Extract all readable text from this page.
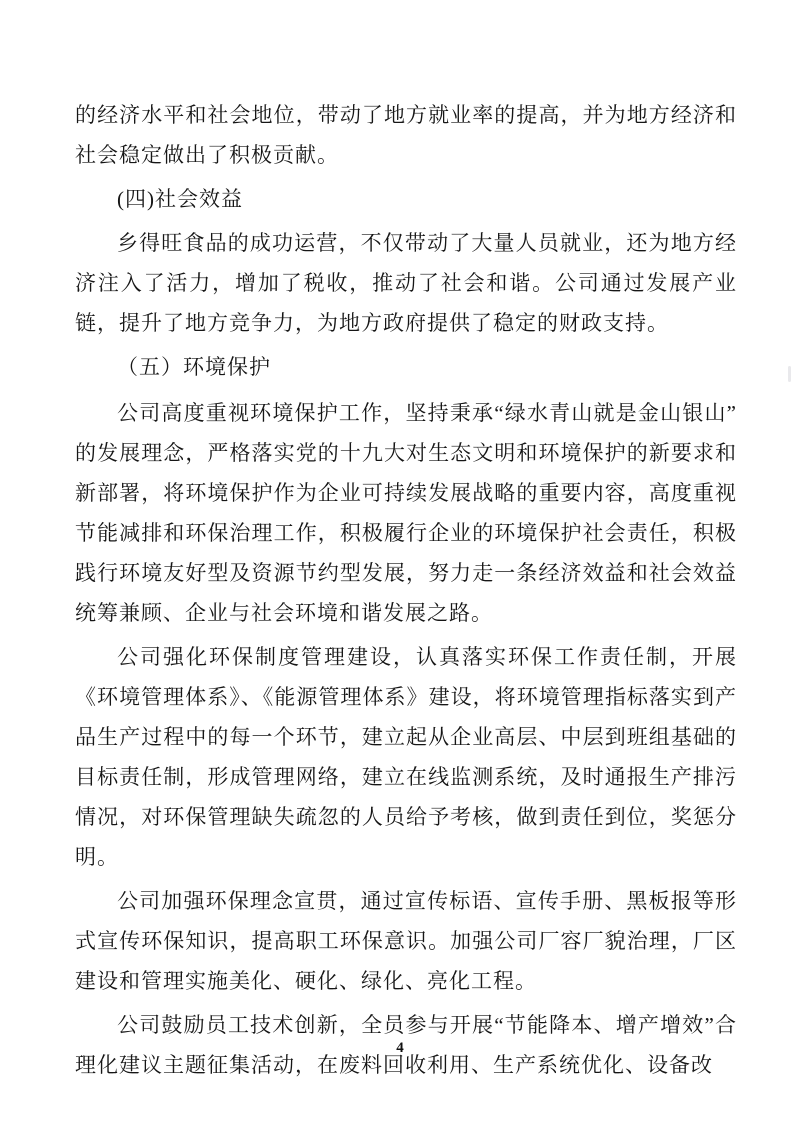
的经济水平和社会地位，带动了地方就业率的提高，并为地方经济和社会稳定做出了积极贡献。

(四)社会效益

乡得旺食品的成功运营，不仅带动了大量人员就业，还为地方经济注入了活力，增加了税收，推动了社会和谐。公司通过发展产业链，提升了地方竞争力，为地方政府提供了稳定的财政支持。

（五）环境保护

公司高度重视环境保护工作，坚持秉承“绿水青山就是金山银山”的发展理念，严格落实党的十九大对生态文明和环境保护的新要求和新部署，将环境保护作为企业可持续发展战略的重要内容，高度重视节能减排和环保治理工作，积极履行企业的环境保护社会责任，积极践行环境友好型及资源节约型发展，努力走一条经济效益和社会效益统筹兼顾、企业与社会环境和谐发展之路。

公司强化环保制度管理建设，认真落实环保工作责任制，开展《环境管理体系》、《能源管理体系》建设，将环境管理指标落实到产品生产过程中的每一个环节，建立起从企业高层、中层到班组基础的目标责任制，形成管理网络，建立在线监测系统，及时通报生产排污情况，对环保管理缺失疏忽的人员给予考核，做到责任到位，奖惩分明。

公司加强环保理念宣贯，通过宣传标语、宣传手册、黑板报等形式宣传环保知识，提高职工环保意识。加强公司厂容厂貌治理，厂区建设和管理实施美化、硬化、绿化、亮化工程。

公司鼓励员工技术创新，全员参与开展“节能降本、增产增效”合理化建议主题征集活动，在废料回收利用、生产系统优化、设备改

4
